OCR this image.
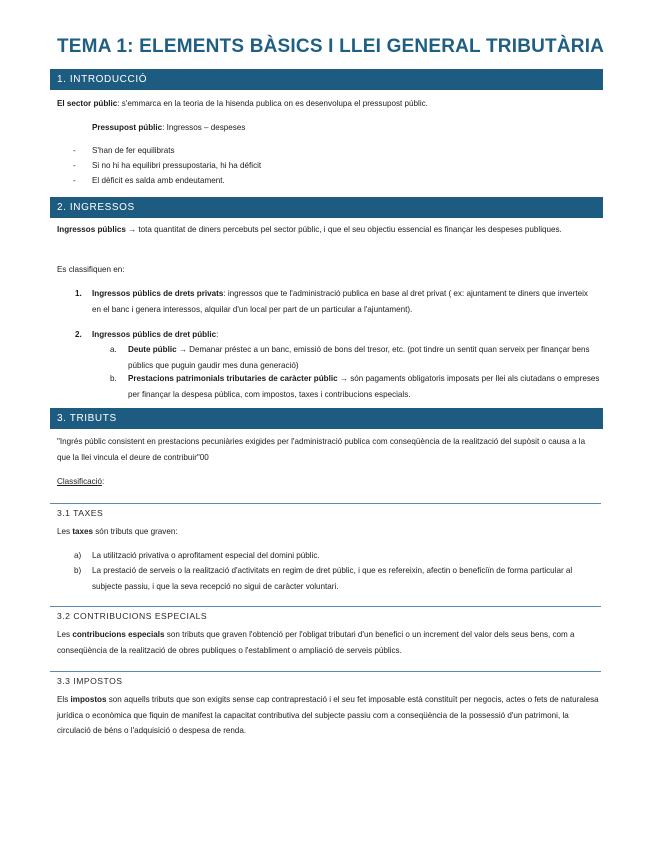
TEMA 1: ELEMENTS BÀSICS I LLEI GENERAL TRIBUTÀRIA
1. INTRODUCCIÓ
El sector públic: s'emmarca en la teoria de la hisenda publica on es desenvolupa el pressupost públic.
Pressupost públic: Ingressos – despeses
- S'han de fer equilibrats
- Si no hi ha equilibri pressupostaria, hi ha déficit
- El dèficit es salda amb endeutament.
2. INGRESSOS
Ingressos públics → tota quantitat de diners percebuts pel sector públic, i que el seu objectiu essencial es finançar les despeses publiques.
Es classifiquen en:
1. Ingressos públics de drets privats: ingressos que te l'administració publica en base al dret privat ( ex: ajuntament te diners que inverteix en el banc i genera interessos, alquilar d'un local per part de un particular a l'ajuntament).
2. Ingressos públics de dret públic:
a. Deute públic → Demanar préstec a un banc, emissió de bons del tresor, etc. (pot tindre un sentit quan serveix per finançar bens públics que puguin gaudir mes duna generació)
b. Prestacions patrimonials tributaries de caràcter públic → són pagaments obligatoris imposats per llei als ciutadans o empreses per finançar la despesa pública, com impostos, taxes i contribucions especials.
3. TRIBUTS
"Ingrés públic consistent en prestacions pecuniàries exigides per l'administració publica com conseqüència de la realització del supòsit o causa a la que la llei vincula el deure de contribuir"00
Classificació:
3.1 TAXES
Les taxes són tributs que graven:
a) La utilització privativa o aprofitament especial del domini públic.
b) La prestació de serveis o la realització d'activitats en regim de dret públic, i que es refereixin, afectin o beneficiïn de forma particular al subjecte passiu, i que la seva recepció no sigui de caràcter voluntari.
3.2 CONTRIBUCIONS ESPECIALS
Les contribucions especials son tributs que graven l'obtenció per l'obligat tributari d'un benefici o un increment del valor dels seus bens, com a conseqüència de la realització de obres publiques o l'establiment o ampliació de serveis públics.
3.3 IMPOSTOS
Els impostos son aquells tributs que son exigits sense cap contraprestació i el seu fet imposable està constituït per negocis, actes o fets de naturalesa jurídica o econòmica que fiquin de manifest la capacitat contributiva del subjecte passiu com a conseqüència de la possessió d'un patrimoni, la circulació de béns o l'adquisició o despesa de renda.
